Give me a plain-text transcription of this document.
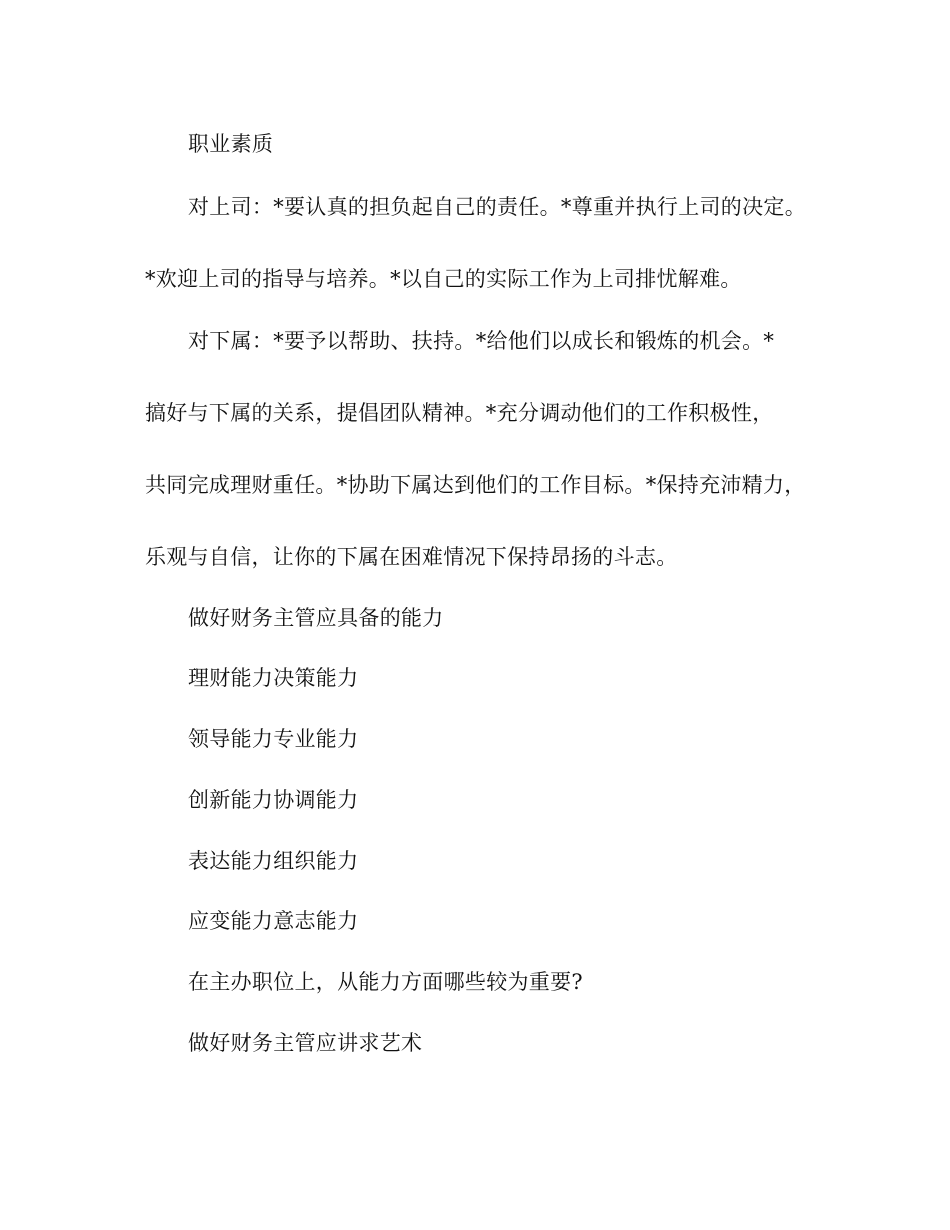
职业素质
对上司：*要认真的担负起自己的责任。*尊重并执行上司的决定。
*欢迎上司的指导与培养。*以自己的实际工作为上司排忧解难。
对下属：*要予以帮助、扶持。*给他们以成长和锻炼的机会。*
搞好与下属的关系，提倡团队精神。*充分调动他们的工作积极性，
共同完成理财重任。*协助下属达到他们的工作目标。*保持充沛精力，
乐观与自信，让你的下属在困难情况下保持昂扬的斗志。
做好财务主管应具备的能力
理财能力决策能力
领导能力专业能力
创新能力协调能力
表达能力组织能力
应变能力意志能力
在主办职位上，从能力方面哪些较为重要?
做好财务主管应讲求艺术
